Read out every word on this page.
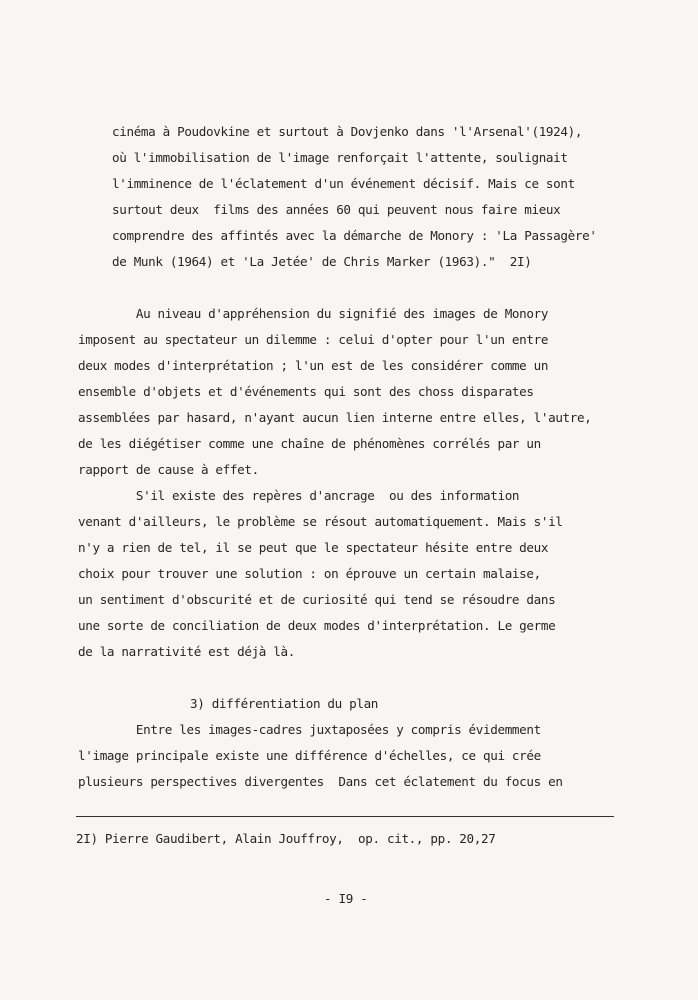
cinéma à Poudovkine et surtout à Dovjenko dans 'l'Arsenal'(1924),
où l'immobilisation de l'image renforçait l'attente, soulignait
l'imminence de l'éclatement d'un événement décisif. Mais ce sont
surtout deux  films des années 60 qui peuvent nous faire mieux
comprendre des affintés avec la démarche de Monory : 'La Passagère'
de Munk (1964) et 'La Jetée' de Chris Marker (1963)."  2I)
Au niveau d'appréhension du signifié des images de Monory
imposent au spectateur un dilemme : celui d'opter pour l'un entre
deux modes d'interprétation ; l'un est de les considérer comme un
ensemble d'objets et d'événements qui sont des choss disparates
assemblées par hasard, n'ayant aucun lien interne entre elles, l'autre,
de les diégétiser comme une chaîne de phénomènes corrélés par un
rapport de cause à effet.
S'il existe des repères d'ancrage  ou des information
venant d'ailleurs, le problème se résout automatiquement. Mais s'il
n'y a rien de tel, il se peut que le spectateur hésite entre deux
choix pour trouver une solution : on éprouve un certain malaise,
un sentiment d'obscurité et de curiosité qui tend se résoudre dans
une sorte de conciliation de deux modes d'interprétation. Le germe
de la narrativité est déjà là.
3) différentiation du plan
Entre les images-cadres juxtaposées y compris évidemment
l'image principale existe une différence d'échelles, ce qui crée
plusieurs perspectives divergentes  Dans cet éclatement du focus en
2I) Pierre Gaudibert, Alain Jouffroy,  op. cit., pp. 20,27
- I9 -
